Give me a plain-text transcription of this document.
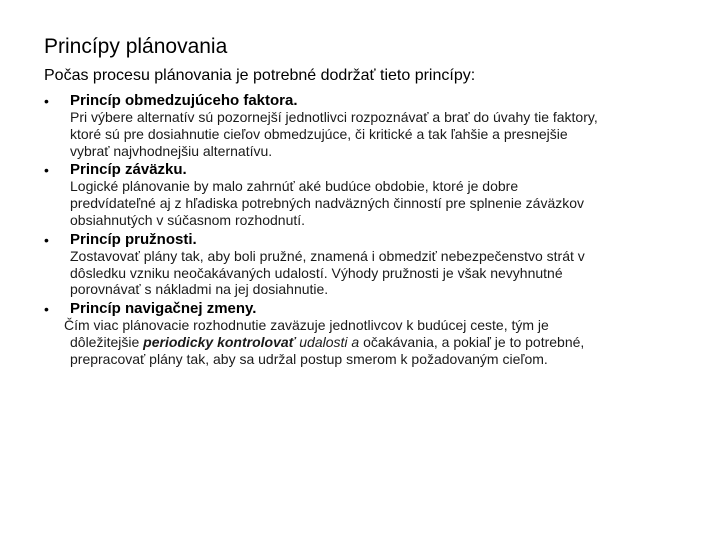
Princípy plánovania
Počas procesu plánovania je potrebné dodržať tieto princípy:
•	Princíp obmedzujúceho faktora.
Pri výbere alternatív sú pozornejší jednotlivci rozpoznávať a brať do úvahy tie faktory,
ktoré sú pre dosiahnutie cieľov obmedzujúce, či kritické a tak ľahšie a presnejšie
vybrať najvhodnejšiu alternatívu.
•	Princíp záväzku.
Logické plánovanie by malo zahrnúť aké budúce obdobie, ktoré je dobre
predvídateľné aj z hľadiska potrebných nadväzných činností pre splnenie záväzkov
obsiahnutých v súčasnom rozhodnutí.
•	Princíp pružnosti.
Zostavovať plány tak, aby boli pružné, znamená i obmedziť nebezpečenstvo strát v
dôsledku vzniku neočakávaných udalostí. Výhody pružnosti je však nevyhnutné
porovnávať s nákladmi na jej dosiahnutie.
•	Princíp navigačnej zmeny.
Čím viac plánovacie rozhodnutie zaväzuje jednotlivcov k budúcej ceste, tým je
dôležitejšie periodicky kontrolovať udalosti a očakávania, a pokiaľ je to potrebné,
prepracovať plány tak, aby sa udržal postup smerom k požadovaným cieľom.
